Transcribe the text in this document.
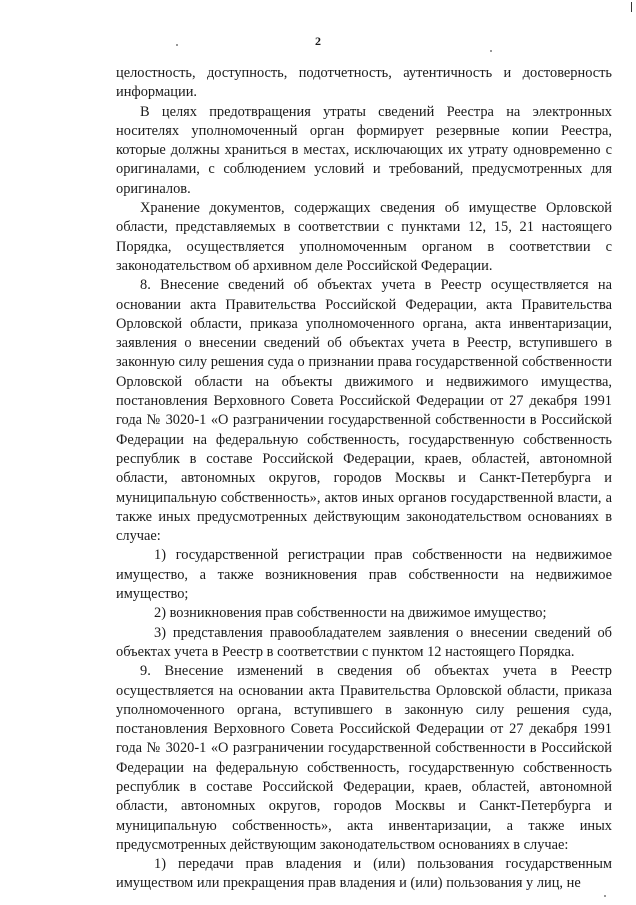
2

целостность, доступность, подотчетность, аутентичность и достоверность информации.

В целях предотвращения утраты сведений Реестра на электронных носителях уполномоченный орган формирует резервные копии Реестра, которые должны храниться в местах, исключающих их утрату одновременно с оригиналами, с соблюдением условий и требований, предусмотренных для оригиналов.

Хранение документов, содержащих сведения об имуществе Орловской области, представляемых в соответствии с пунктами 12, 15, 21 настоящего Порядка, осуществляется уполномоченным органом в соответствии с законодательством об архивном деле Российской Федерации.

8. Внесение сведений об объектах учета в Реестр осуществляется на основании акта Правительства Российской Федерации, акта Правительства Орловской области, приказа уполномоченного органа, акта инвентаризации, заявления о внесении сведений об объектах учета в Реестр, вступившего в законную силу решения суда о признании права государственной собственности Орловской области на объекты движимого и недвижимого имущества, постановления Верховного Совета Российской Федерации от 27 декабря 1991 года № 3020-1 «О разграничении государственной собственности в Российской Федерации на федеральную собственность, государственную собственность республик в составе Российской Федерации, краев, областей, автономной области, автономных округов, городов Москвы и Санкт-Петербурга и муниципальную собственность», актов иных органов государственной власти, а также иных предусмотренных действующим законодательством основаниях в случае:

1) государственной регистрации прав собственности на недвижимое имущество, а также возникновения прав собственности на недвижимое имущество;

2) возникновения прав собственности на движимое имущество;

3) представления правообладателем заявления о внесении сведений об объектах учета в Реестр в соответствии с пунктом 12 настоящего Порядка.

9. Внесение изменений в сведения об объектах учета в Реестр осуществляется на основании акта Правительства Орловской области, приказа уполномоченного органа, вступившего в законную силу решения суда, постановления Верховного Совета Российской Федерации от 27 декабря 1991 года № 3020-1 «О разграничении государственной собственности в Российской Федерации на федеральную собственность, государственную собственность республик в составе Российской Федерации, краев, областей, автономной области, автономных округов, городов Москвы и Санкт-Петербурга и муниципальную собственность», акта инвентаризации, а также иных предусмотренных действующим законодательством основаниях в случае:

1) передачи прав владения и (или) пользования государственным имуществом или прекращения прав владения и (или) пользования у лиц, не
